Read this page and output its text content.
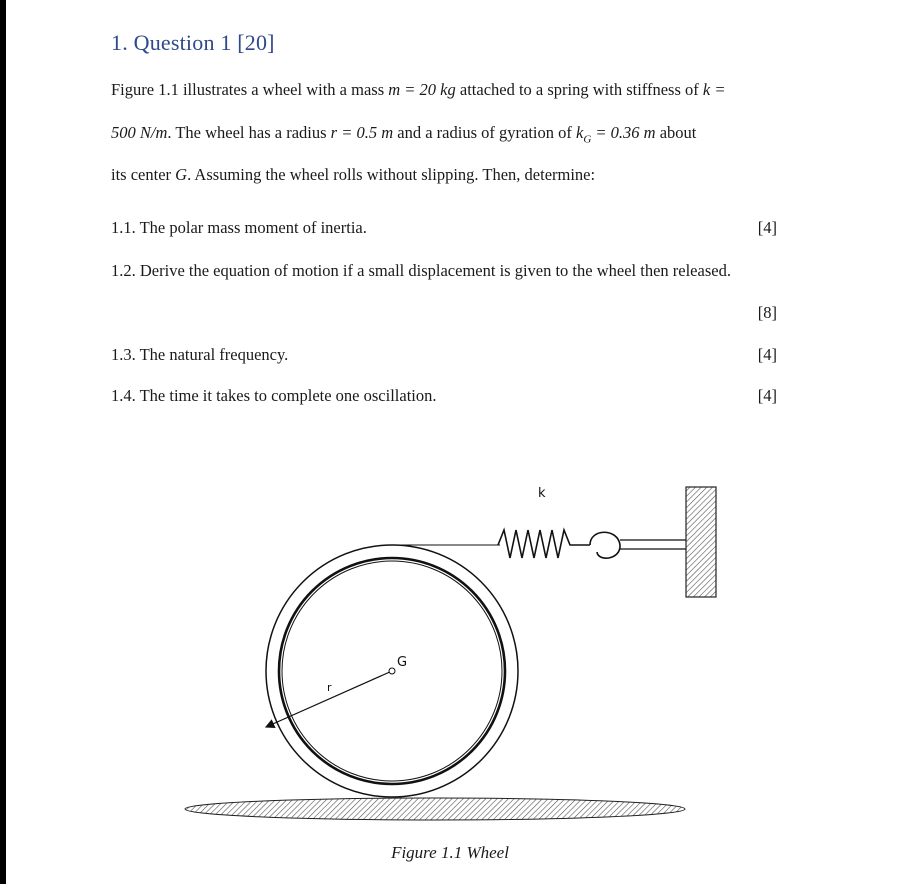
1. Question 1 [20]
Figure 1.1 illustrates a wheel with a mass m = 20 kg attached to a spring with stiffness of k =
500 N/m. The wheel has a radius r = 0.5 m and a radius of gyration of $k_G = 0.36$ m about
its center G. Assuming the wheel rolls without slipping. Then, determine:
1.1. The polar mass moment of inertia.	[4]
1.2. Derive the equation of motion if a small displacement is given to the wheel then released.
[8]
1.3. The natural frequency.	[4]
1.4. The time it takes to complete one oscillation.	[4]
k
G
r
Figure 1.1 Wheel
